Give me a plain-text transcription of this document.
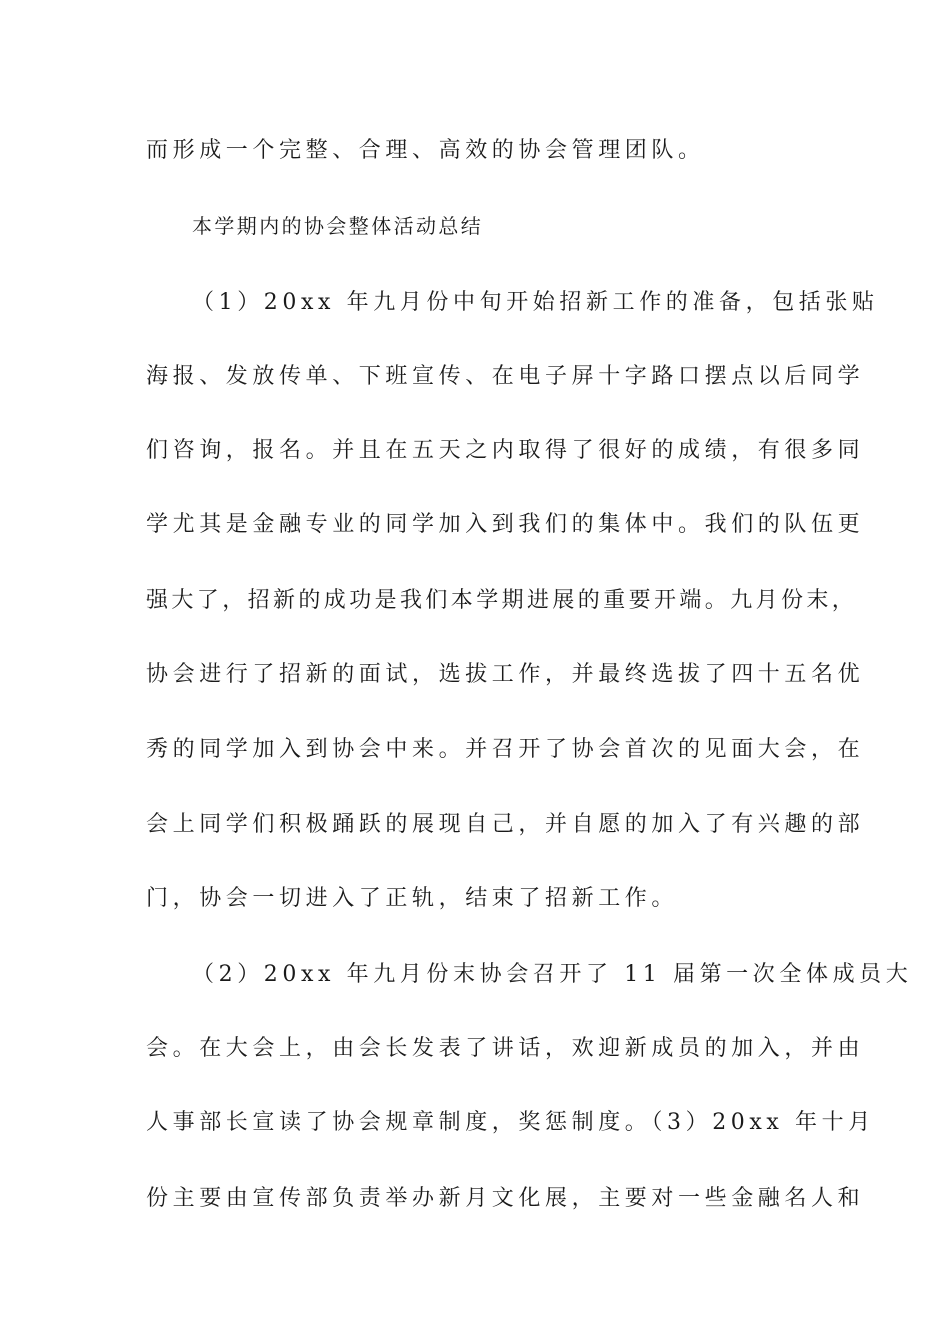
而形成一个完整、合理、高效的协会管理团队。
本学期内的协会整体活动总结
（1）20xx 年九月份中旬开始招新工作的准备，包括张贴
海报、发放传单、下班宣传、在电子屏十字路口摆点以后同学
们咨询，报名。并且在五天之内取得了很好的成绩，有很多同
学尤其是金融专业的同学加入到我们的集体中。我们的队伍更
强大了，招新的成功是我们本学期进展的重要开端。九月份末，
协会进行了招新的面试，选拔工作，并最终选拔了四十五名优
秀的同学加入到协会中来。并召开了协会首次的见面大会，在
会上同学们积极踊跃的展现自己，并自愿的加入了有兴趣的部
门，协会一切进入了正轨，结束了招新工作。
（2）20xx 年九月份末协会召开了 11 届第一次全体成员大
会。在大会上，由会长发表了讲话，欢迎新成员的加入，并由
人事部长宣读了协会规章制度，奖惩制度。（3）20xx 年十月
份主要由宣传部负责举办新月文化展，主要对一些金融名人和
